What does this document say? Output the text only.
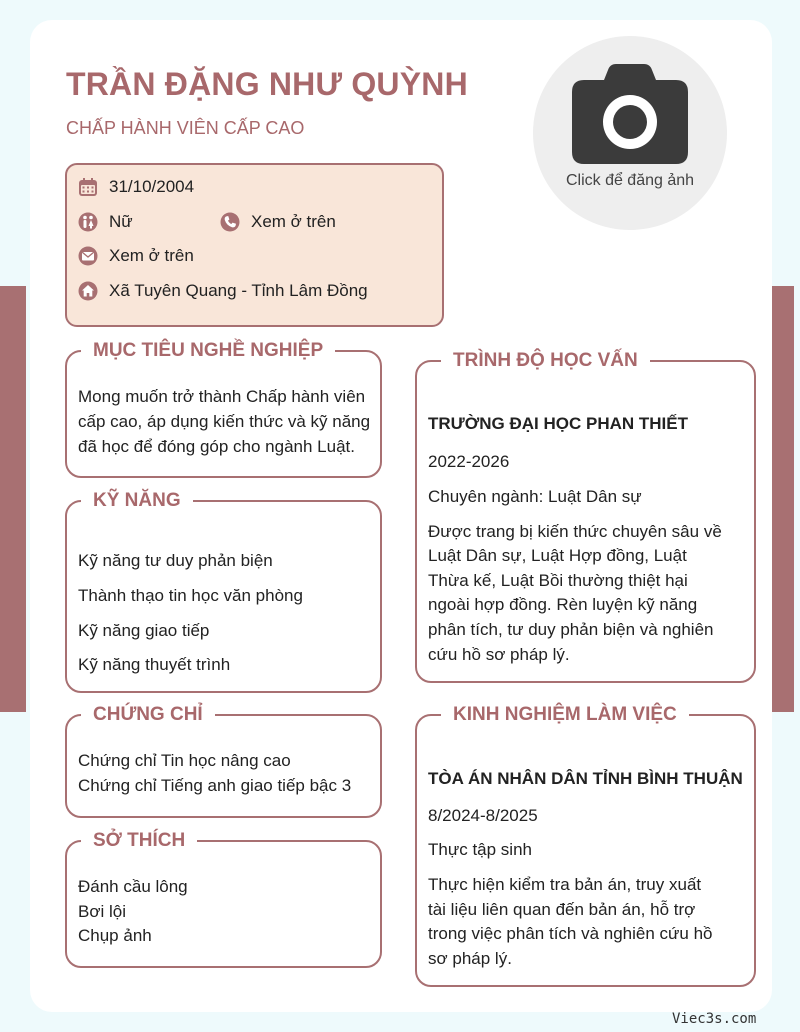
TRẦN ĐẶNG NHƯ QUỲNH
CHẤP HÀNH VIÊN CẤP CAO
Click để đăng ảnh
31/10/2004
Nữ	Xem ở trên
Xem ở trên
Xã Tuyên Quang - Tỉnh Lâm Đồng
MỤC TIÊU NGHỀ NGHIỆP
Mong muốn trở thành Chấp hành viên
cấp cao, áp dụng kiến thức và kỹ năng
đã học để đóng góp cho ngành Luật.
KỸ NĂNG
Kỹ năng tư duy phản biện
Thành thạo tin học văn phòng
Kỹ năng giao tiếp
Kỹ năng thuyết trình
CHỨNG CHỈ
Chứng chỉ Tin học nâng cao
Chứng chỉ Tiếng anh giao tiếp bậc 3
SỞ THÍCH
Đánh cầu lông
Bơi lội
Chụp ảnh
TRÌNH ĐỘ HỌC VẤN
TRƯỜNG ĐẠI HỌC PHAN THIẾT
2022-2026
Chuyên ngành: Luật Dân sự
Được trang bị kiến thức chuyên sâu về
Luật Dân sự, Luật Hợp đồng, Luật
Thừa kế, Luật Bồi thường thiệt hại
ngoài hợp đồng. Rèn luyện kỹ năng
phân tích, tư duy phản biện và nghiên
cứu hồ sơ pháp lý.
KINH NGHIỆM LÀM VIỆC
TÒA ÁN NHÂN DÂN TỈNH BÌNH THUẬN
8/2024-8/2025
Thực tập sinh
Thực hiện kiểm tra bản án, truy xuất
tài liệu liên quan đến bản án, hỗ trợ
trong việc phân tích và nghiên cứu hồ
sơ pháp lý.
Viec3s.com
